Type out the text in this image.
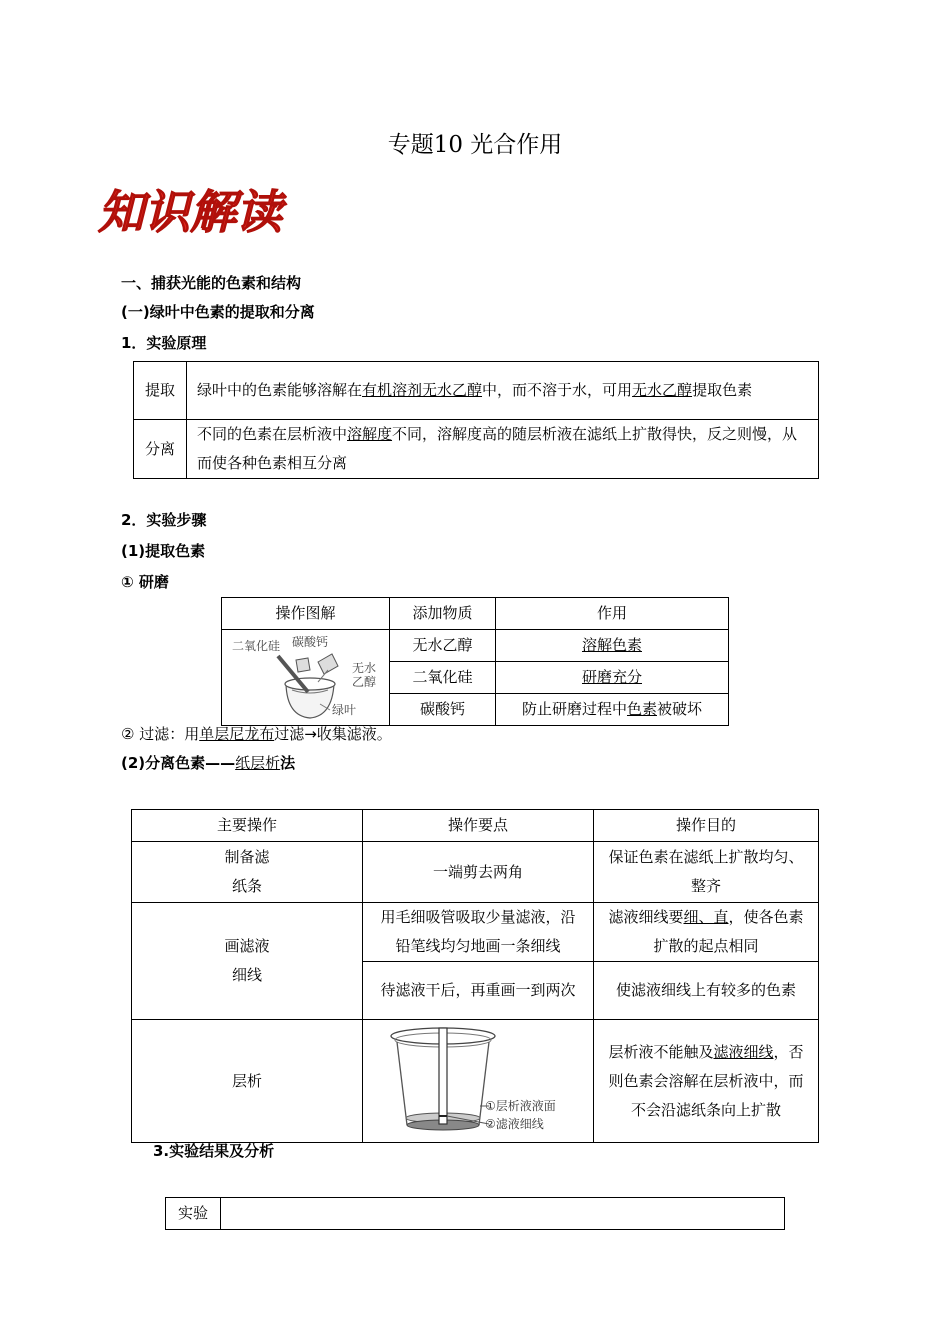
专题10 光合作用
知识解读
一、捕获光能的色素和结构
(一)绿叶中色素的提取和分离
1．实验原理
提取	绿叶中的色素能够溶解在有机溶剂无水乙醇中，而不溶于水，可用无水乙醇提取色素
分离	不同的色素在层析液中溶解度不同，溶解度高的随层析液在滤纸上扩散得快，反之则慢，从而使各种色素相互分离
2．实验步骤
(1)提取色素
① 研磨
操作图解	添加物质	作用

二氧化硅 碳酸钙
无水
乙醇
绿叶	无水乙醇	溶解色素
	二氧化硅	研磨充分
	碳酸钙	防止研磨过程中色素被破坏
② 过滤：用单层尼龙布过滤→收集滤液。
(2)分离色素——纸层析法
主要操作	操作要点	操作目的

制备滤
纸条	一端剪去两角	保证色素在滤纸上扩散均匀、整齐

画滤液
细线	用毛细吸管吸取少量滤液，沿铅笔线均匀地画一条细线	滤液细线要细、直，使各色素扩散的起点相同
	待滤液干后，再重画一到两次	使滤液细线上有较多的色素
层析	①层析液液面
②滤液细线	层析液不能触及滤液细线，否则色素会溶解在层析液中，而不会沿滤纸条向上扩散
3.实验结果及分析
实验	
